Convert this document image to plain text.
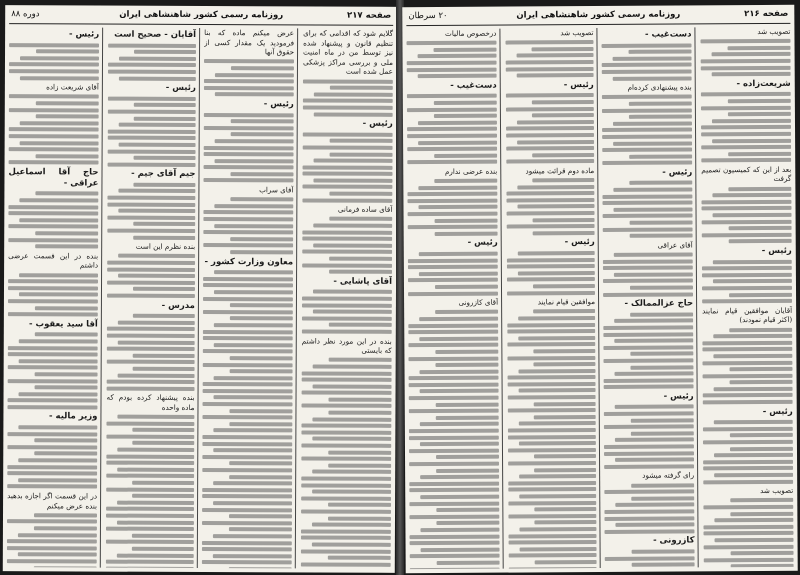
صفحه ۲۱۷
روزنامه رسمی کشور شاهنشاهی ایران
دوره ۸۸

گلایم شود که اقدامی که برای تنظیم قانون و پیشنهاد شده نیز توسط من در ماه امنیت ملی و بررسی مراکز پزشکی عمل شده است

رئیس -

آقای ساده فرمانی

آقای پاشایی -

بنده در این مورد نظر داشتم که بایستی

عرض میکنم ماده که بنا فرمودید یک مقدار کسی از حقوق آنها

رئیس -

آقای سراب

معاون وزارت کشور -
آقایان - صحیح است
رئیس -
جیم آقای جیم -

بنده نظرم این است

مدرس -

بنده پیشنهاد کرده بودم که ماده واحده

رئیس -

آقای شریعت زاده

حاج آقا اسماعیل عراقی -

بنده در این قسمت عرضی داشتم

آقا سید یعقوب -
وزیر مالیه -

در این قسمت اگر اجازه بدهید بنده عرض میکنم

صفحه ۲۱۶
روزنامه رسمی کشور شاهنشاهی ایران
۲۰ سرطان

تصویب شد

شریعت‌زاده -

بعد از این که کمیسیون تصمیم گرفت

رئیس -

آقایان موافقین قیام نمایند (اکثر قیام نمودند)

رئیس -

تصویب شد

دست‌غیب -

بنده پیشنهادی کرده‌ام

رئیس -

آقای عراقی

حاج عزالممالک -
رئیس -

رای گرفته میشود

کازرونی -

تصویب شد

رئیس -

ماده دوم قرائت میشود

رئیس -

موافقین قیام نمایند

درخصوص مالیات

دست‌غیب -

بنده عرضی ندارم

رئیس -

آقای کازرونی
